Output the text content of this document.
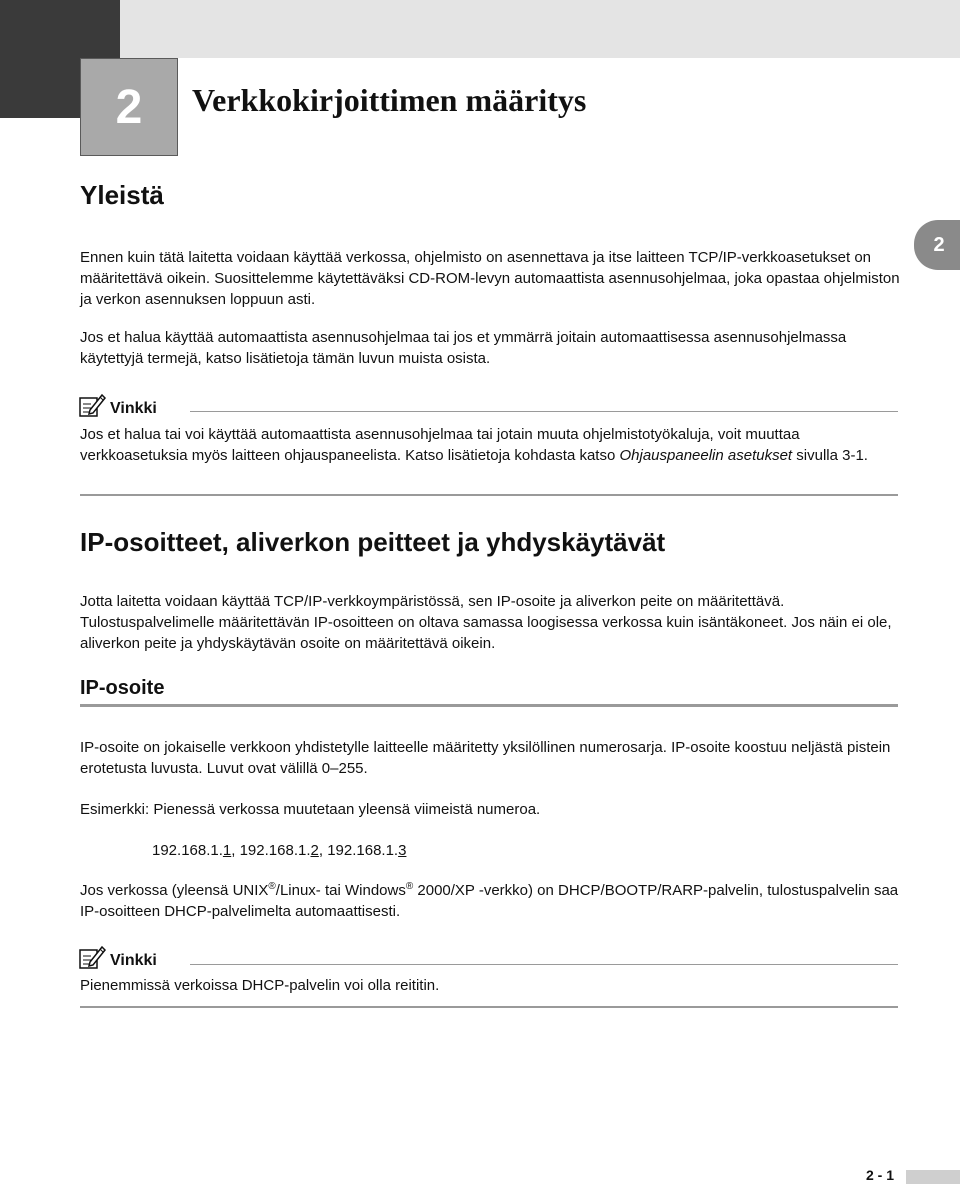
2	Verkkokirjoittimen määritys
2
Yleistä

Ennen kuin tätä laitetta voidaan käyttää verkossa, ohjelmisto on asennettava ja itse laitteen TCP/IP-verkkoasetukset on määritettävä oikein. Suosittelemme käytettäväksi CD-ROM-levyn automaattista asennusohjelmaa, joka opastaa ohjelmiston ja verkon asennuksen loppuun asti.

Jos et halua käyttää automaattista asennusohjelmaa tai jos et ymmärrä joitain automaattisessa asennusohjelmassa käytettyjä termejä, katso lisätietoja tämän luvun muista osista.

Vinkki

Jos et halua tai voi käyttää automaattista asennusohjelmaa tai jotain muuta ohjelmistotyökaluja, voit muuttaa verkkoasetuksia myös laitteen ohjauspaneelista. Katso lisätietoja kohdasta katso Ohjauspaneelin asetukset sivulla 3-1.

IP-osoitteet, aliverkon peitteet ja yhdyskäytävät

Jotta laitetta voidaan käyttää TCP/IP-verkkoympäristössä, sen IP-osoite ja aliverkon peite on määritettävä. Tulostuspalvelimelle määritettävän IP-osoitteen on oltava samassa loogisessa verkossa kuin isäntäkoneet. Jos näin ei ole, aliverkon peite ja yhdyskäytävän osoite on määritettävä oikein.

IP-osoite

IP-osoite on jokaiselle verkkoon yhdistetylle laitteelle määritetty yksilöllinen numerosarja. IP-osoite koostuu neljästä pistein erotetusta luvusta. Luvut ovat välillä 0–255.

Esimerkki: Pienessä verkossa muutetaan yleensä viimeistä numeroa.

192.168.1.1, 192.168.1.2, 192.168.1.3

Jos verkossa (yleensä UNIX®/Linux- tai Windows® 2000/XP -verkko) on DHCP/BOOTP/RARP-palvelin, tulostuspalvelin saa IP-osoitteen DHCP-palvelimelta automaattisesti.

Vinkki

Pienemmissä verkoissa DHCP-palvelin voi olla reititin.

2 - 1
